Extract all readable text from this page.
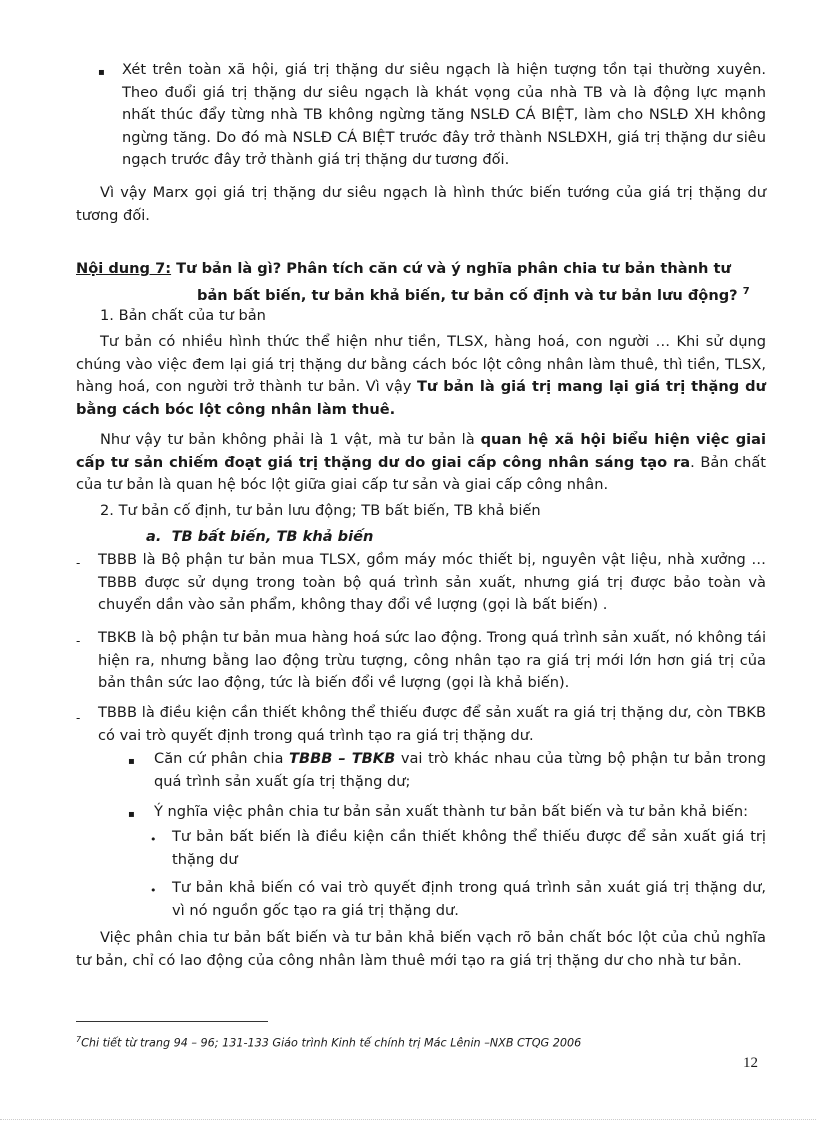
▪ Xét trên toàn xã hội, giá trị thặng dư siêu ngạch là hiện tượng tồn tại thường xuyên. Theo đuổi giá trị thặng dư siêu ngạch là khát vọng của nhà TB và là động lực mạnh nhất thúc đẩy từng nhà TB không ngừng tăng NSLĐ CÁ BIỆT, làm cho NSLĐ XH không ngừng tăng. Do đó mà NSLĐ CÁ BIỆT trước đây trở thành NSLĐXH, giá trị thặng dư siêu ngạch trước đây trở thành giá trị thặng dư tương đối.

Vì vậy Marx gọi giá trị thặng dư siêu ngạch là hình thức biến tướng của giá trị thặng dư tương đối.

Nội dung 7: Tư bản là gì? Phân tích căn cứ và ý nghĩa phân chia tư bản thành tư
bản bất biến, tư bản khả biến, tư bản cố định và tư bản lưu động? $^7$
1. Bản chất của tư bản

Tư bản có nhiều hình thức thể hiện như tiền, TLSX, hàng hoá, con người … Khi sử dụng chúng vào việc đem lại giá trị thặng dư bằng cách bóc lột công nhân làm thuê, thì tiền, TLSX, hàng hoá, con người trở thành tư bản. Vì vậy Tư bản là giá trị mang lại giá trị thặng dư bằng cách bóc lột công nhân làm thuê.

Như vậy tư bản không phải là 1 vật, mà tư bản là quan hệ xã hội biểu hiện việc giai cấp tư sản chiếm đoạt giá trị thặng dư do giai cấp công nhân sáng tạo ra. Bản chất của tư bản là quan hệ bóc lột giữa giai cấp tư sản và giai cấp công nhân.

2. Tư bản cố định, tư bản lưu động; TB bất biến, TB khả biến
a. TB bất biến, TB khả biến
- TBBB là Bộ phận tư bản mua TLSX, gồm máy móc thiết bị, nguyên vật liệu, nhà xưởng …TBBB được sử dụng trong toàn bộ quá trình sản xuất, nhưng giá trị được bảo toàn và chuyển dần vào sản phẩm, không thay đổi về lượng (gọi là bất biến) .

- TBKB là bộ phận tư bản mua hàng hoá sức lao động. Trong quá trình sản xuất, nó không tái hiện ra, nhưng bằng lao động trừu tượng, công nhân tạo ra giá trị mới lớn hơn giá trị của bản thân sức lao động, tức là biến đổi về lượng (gọi là khả biến).

- TBBB là điều kiện cần thiết không thể thiếu được để sản xuất ra giá trị thặng dư, còn TBKB có vai trò quyết định trong quá trình tạo ra giá trị thặng dư.

▪ Căn cứ phân chia TBBB – TBKB vai trò khác nhau của từng bộ phận tư bản trong quá trình sản xuất gía trị thặng dư;

▪ Ý nghĩa việc phân chia tư bản sản xuất thành tư bản bất biến và tư bản khả biến:

• Tư bản bất biến là điều kiện cần thiết không thể thiếu được để sản xuất giá trị thặng dư

• Tư bản khả biến có vai trò quyết định trong quá trình sản xuát giá trị thặng dư, vì nó nguồn gốc tạo ra giá trị thặng dư.

Việc phân chia tư bản bất biến và tư bản khả biến vạch rõ bản chất bóc lột của chủ nghĩa tư bản, chỉ có lao động của công nhân làm thuê mới tạo ra giá trị thặng dư cho nhà tư bản.

$^7$Chi tiết từ trang 94 – 96; 131-133 Giáo trình Kinh tế chính trị Mác Lênin –NXB CTQG 2006
12
